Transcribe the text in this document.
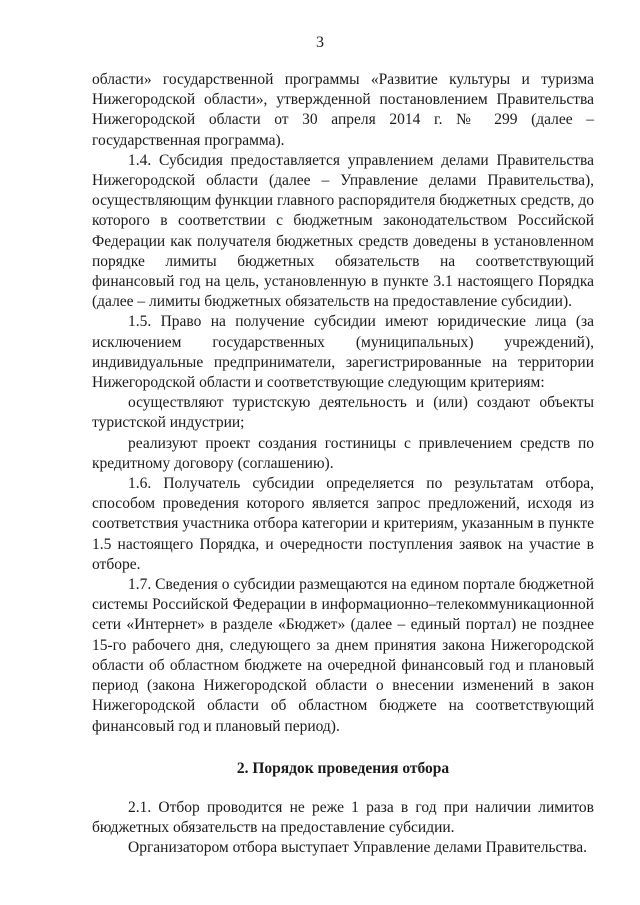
3

области» государственной программы «Развитие культуры и туризма Нижегородской области», утвержденной постановлением Правительства Нижегородской области от 30 апреля 2014 г. № 299 (далее – государственная программа).

1.4. Субсидия предоставляется управлением делами Правительства Нижегородской области (далее – Управление делами Правительства), осуществляющим функции главного распорядителя бюджетных средств, до которого в соответствии с бюджетным законодательством Российской Федерации как получателя бюджетных средств доведены в установленном порядке лимиты бюджетных обязательств на соответствующий финансовый год на цель, установленную в пункте 3.1 настоящего Порядка (далее – лимиты бюджетных обязательств на предоставление субсидии).

1.5. Право на получение субсидии имеют юридические лица (за исключением государственных (муниципальных) учреждений), индивидуальные предприниматели, зарегистрированные на территории Нижегородской области и соответствующие следующим критериям:

осуществляют туристскую деятельность и (или) создают объекты туристской индустрии;

реализуют проект создания гостиницы с привлечением средств по кредитному договору (соглашению).

1.6. Получатель субсидии определяется по результатам отбора, способом проведения которого является запрос предложений, исходя из соответствия участника отбора категории и критериям, указанным в пункте 1.5 настоящего Порядка, и очередности поступления заявок на участие в отборе.

1.7. Сведения о субсидии размещаются на едином портале бюджетной системы Российской Федерации в информационно–телекоммуникационной сети «Интернет» в разделе «Бюджет» (далее – единый портал) не позднее 15-го рабочего дня, следующего за днем принятия закона Нижегородской области об областном бюджете на очередной финансовый год и плановый период (закона Нижегородской области о внесении изменений в закон Нижегородской области об областном бюджете на соответствующий финансовый год и плановый период).

2. Порядок проведения отбора

2.1. Отбор проводится не реже 1 раза в год при наличии лимитов бюджетных обязательств на предоставление субсидии.

Организатором отбора выступает Управление делами Правительства.
